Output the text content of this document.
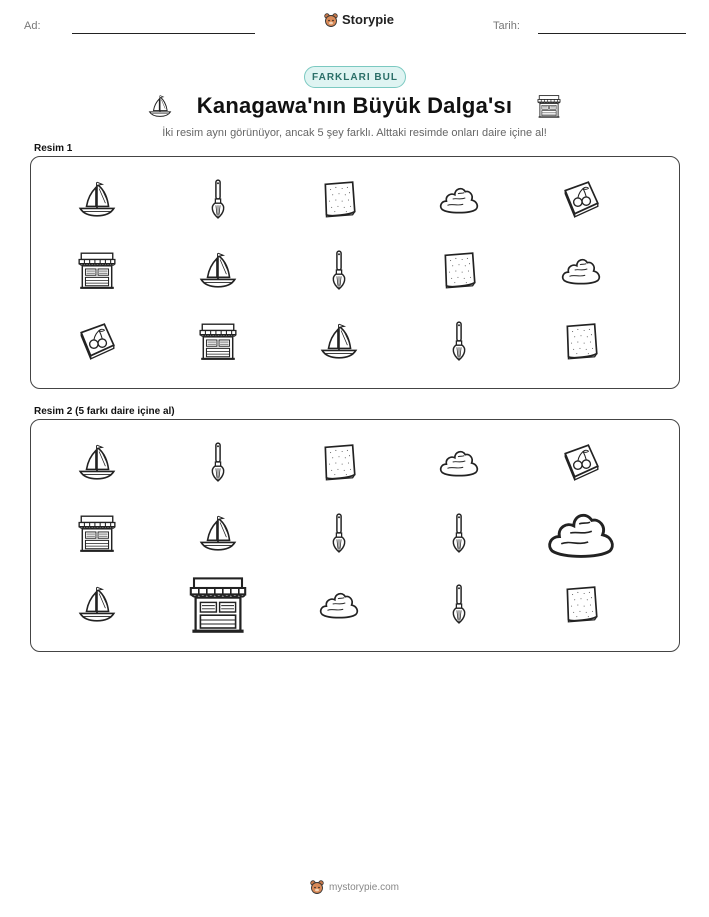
Ad:	Storypie	Tarih:
FARKLARI BUL
Kanagawa'nın Büyük Dalga'sı
İki resim aynı görünüyor, ancak 5 şey farklı. Alttaki resimde onları daire içine al!
Resim 1
Resim 2 (5 farkı daire içine al)
mystorypie.com
